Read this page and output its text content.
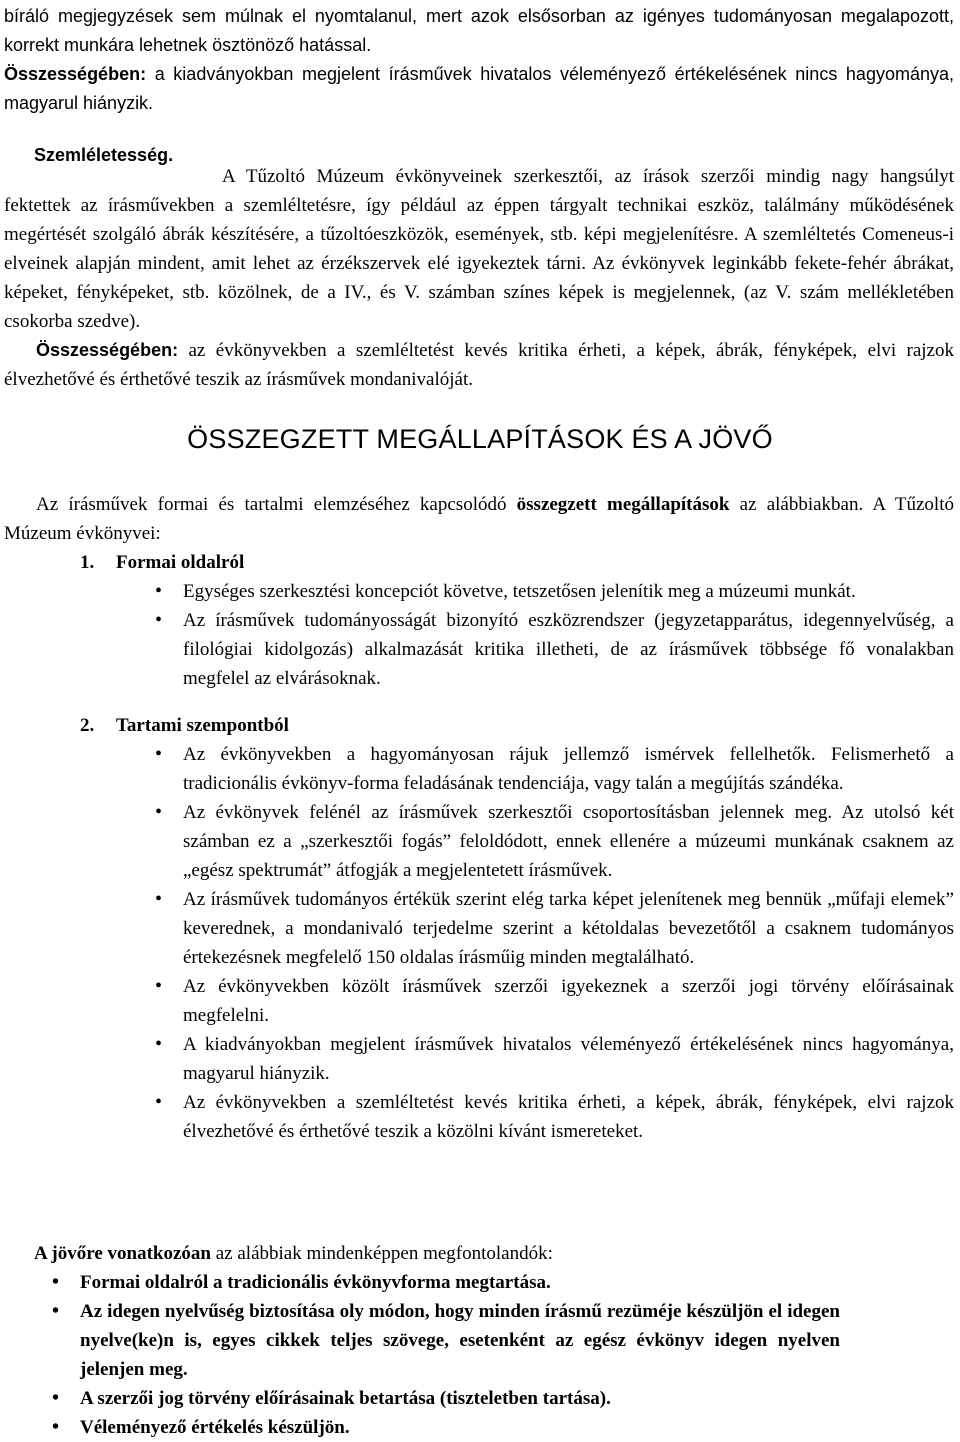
bíráló megjegyzések sem múlnak el nyomtalanul, mert azok elsősorban az igényes tudományosan megalapozott, korrekt munkára lehetnek ösztönöző hatással.

Összességében: a kiadványokban megjelent írásművek hivatalos véleményező értékelésének nincs hagyománya, magyarul hiányzik.

Szemléletesség.

A Tűzoltó Múzeum évkönyveinek szerkesztői, az írások szerzői mindig nagy hangsúlyt fektettek az írásművekben a szemléltetésre, így például az éppen tárgyalt technikai eszköz, találmány működésének megértését szolgáló ábrák készítésére, a tűzoltóeszközök, események, stb. képi megjelenítésre. A szemléltetés Comeneus-i elveinek alapján mindent, amit lehet az érzékszervek elé igyekeztek tárni. Az évkönyvek leginkább fekete-fehér ábrákat, képeket, fényképeket, stb. közölnek, de a IV., és V. számban színes képek is megjelennek, (az V. szám mellékletében csokorba szedve).

Összességében: az évkönyvekben a szemléltetést kevés kritika érheti, a képek, ábrák, fényképek, elvi rajzok élvezhetővé és érthetővé teszik az írásművek mondanivalóját.

ÖSSZEGZETT MEGÁLLAPÍTÁSOK ÉS A JÖVŐ

Az írásművek formai és tartalmi elemzéséhez kapcsolódó összegzett megállapítások az alábbiakban. A Tűzoltó Múzeum évkönyvei:

1. Formai oldalról
• Egységes szerkesztési koncepciót követve, tetszetősen jelenítik meg a múzeumi munkát.
• Az írásművek tudományosságát bizonyító eszközrendszer (jegyzetapparátus, idegennyelvűség, a filológiai kidolgozás) alkalmazását kritika illetheti, de az írásművek többsége fő vonalakban megfelel az elvárásoknak.
2. Tartami szempontból
• Az évkönyvekben a hagyományosan rájuk jellemző ismérvek fellelhetők. Felismerhető a tradicionális évkönyv-forma feladásának tendenciája, vagy talán a megújítás szándéka.
• Az évkönyvek felénél az írásművek szerkesztői csoportosításban jelennek meg. Az utolsó két számban ez a „szerkesztői fogás” feloldódott, ennek ellenére a múzeumi munkának csaknem az „egész spektrumát” átfogják a megjelentetett írásművek.
• Az írásművek tudományos értékük szerint elég tarka képet jelenítenek meg bennük „műfaji elemek” keverednek, a mondanivaló terjedelme szerint a kétoldalas bevezetőtől a csaknem tudományos értekezésnek megfelelő 150 oldalas írásműig minden megtalálható.
• Az évkönyvekben közölt írásművek szerzői igyekeznek a szerzői jogi törvény előírásainak megfelelni.
• A kiadványokban megjelent írásművek hivatalos véleményező értékelésének nincs hagyománya, magyarul hiányzik.
• Az évkönyvekben a szemléltetést kevés kritika érheti, a képek, ábrák, fényképek, elvi rajzok élvezhetővé és érthetővé teszik a közölni kívánt ismereteket.

A jövőre vonatkozóan az alábbiak mindenképpen megfontolandók:

• Formai oldalról a tradicionális évkönyvforma megtartása.
• Az idegen nyelvűség biztosítása oly módon, hogy minden írásmű rezüméje készüljön el idegen nyelve(ke)n is, egyes cikkek teljes szövege, esetenként az egész évkönyv idegen nyelven jelenjen meg.
• A szerzői jog törvény előírásainak betartása (tiszteletben tartása).
• Véleményező értékelés készüljön.
